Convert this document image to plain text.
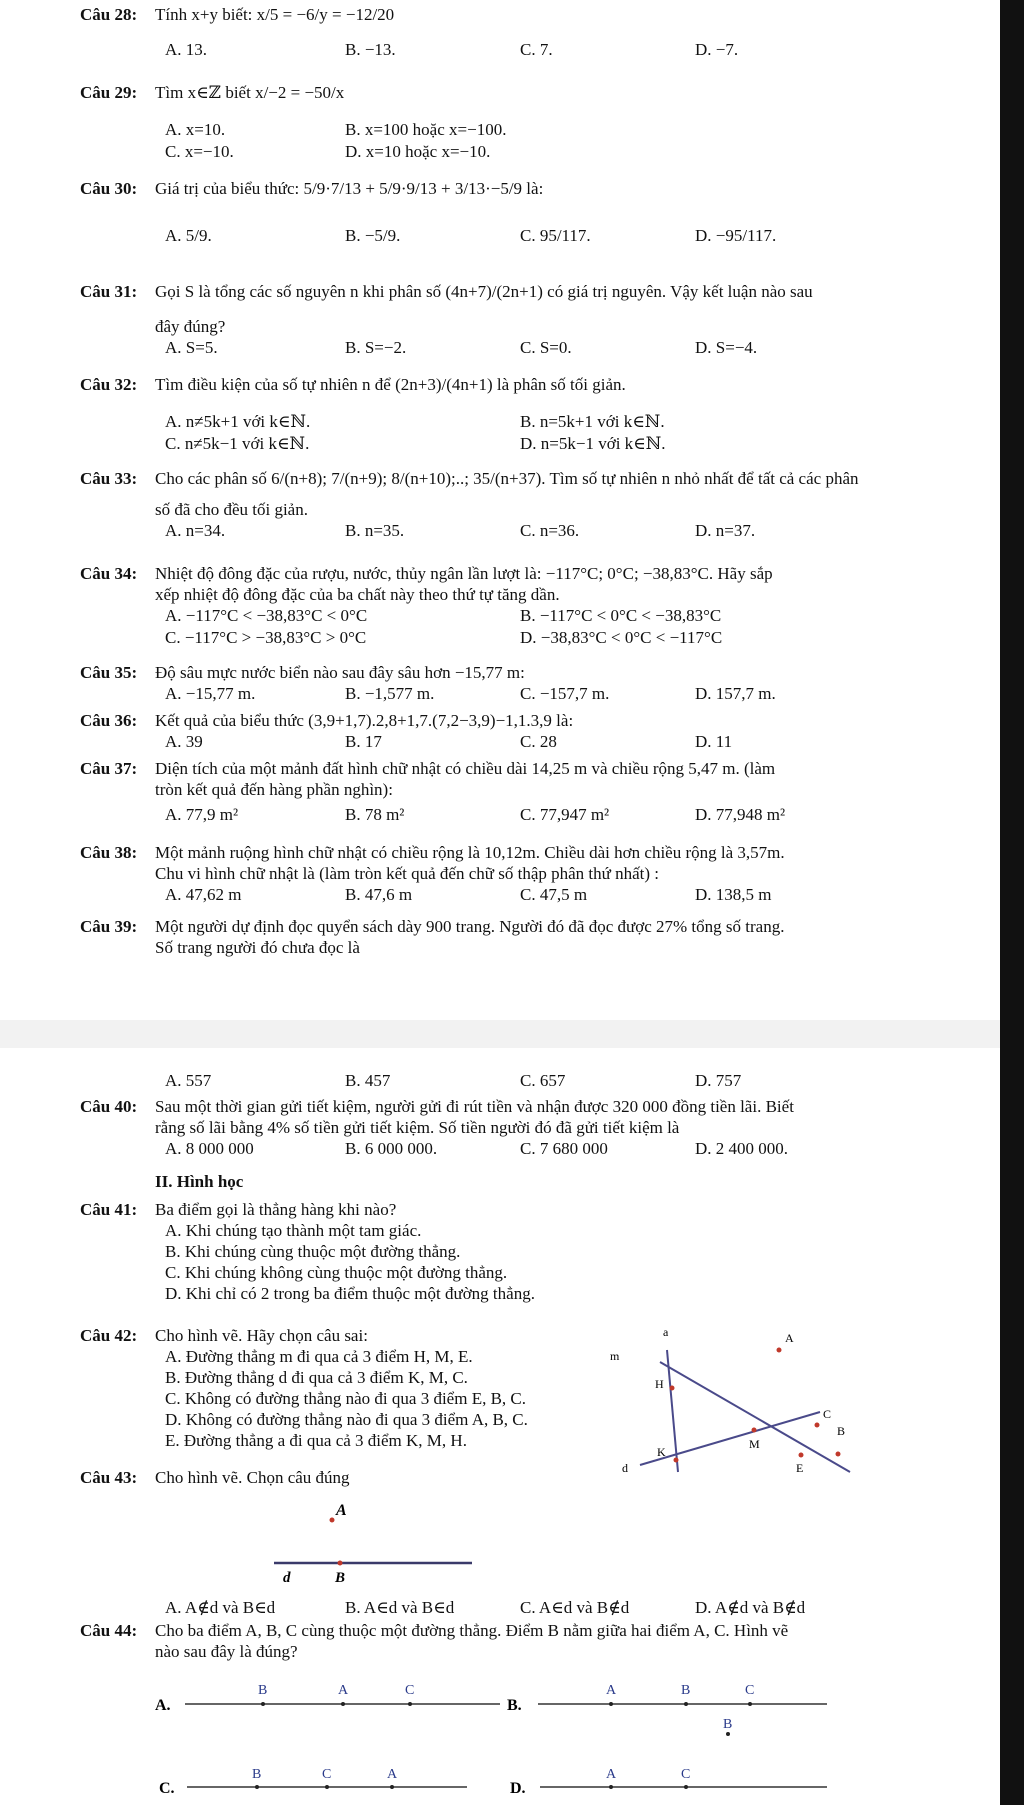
Câu 28: Tính x+y biết: x/5 = −6/y = −12/20
A. 13.	B. −13.	C. 7.	D. −7.
Câu 29: Tìm x∈ℤ biết x/−2 = −50/x
A. x=10.	B. x=100 hoặc x=−100.
C. x=−10.	D. x=10 hoặc x=−10.
Câu 30: Giá trị của biểu thức: 5/9·7/13 + 5/9·9/13 + 3/13·−5/9 là:
A. 5/9.	B. −5/9.	C. 95/117.	D. −95/117.
Câu 31: Gọi S là tổng các số nguyên n khi phân số (4n+7)/(2n+1) có giá trị nguyên. Vậy kết luận nào sau
đây đúng?
A. S=5.	B. S=−2.	C. S=0.	D. S=−4.
Câu 32: Tìm điều kiện của số tự nhiên n để (2n+3)/(4n+1) là phân số tối giản.
A. n≠5k+1 với k∈ℕ.	B. n=5k+1 với k∈ℕ.
C. n≠5k−1 với k∈ℕ.	D. n=5k−1 với k∈ℕ.
Câu 33: Cho các phân số 6/(n+8); 7/(n+9); 8/(n+10);..; 35/(n+37). Tìm số tự nhiên n nhỏ nhất để tất cả các phân
số đã cho đều tối giản.
A. n=34.	B. n=35.	C. n=36.	D. n=37.
Câu 34: Nhiệt độ đông đặc của rượu, nước, thủy ngân lần lượt là: −117°C; 0°C; −38,83°C. Hãy sắp
xếp nhiệt độ đông đặc của ba chất này theo thứ tự tăng dần.
A. −117°C < −38,83°C < 0°C	B. −117°C < 0°C < −38,83°C
C. −117°C > −38,83°C > 0°C	D. −38,83°C < 0°C < −117°C
Câu 35: Độ sâu mực nước biển nào sau đây sâu hơn −15,77 m:
A. −15,77 m.	B. −1,577 m.	C. −157,7 m.	D. 157,7 m.
Câu 36: Kết quả của biểu thức (3,9+1,7).2,8+1,7.(7,2−3,9)−1,1.3,9 là:
A. 39	B. 17	C. 28	D. 11
Câu 37: Diện tích của một mảnh đất hình chữ nhật có chiều dài 14,25 m và chiều rộng 5,47 m. (làm
tròn kết quả đến hàng phần nghìn):
A. 77,9 m²	B. 78 m²	C. 77,947 m²	D. 77,948 m²
Câu 38: Một mảnh ruộng hình chữ nhật có chiều rộng là 10,12m. Chiều dài hơn chiều rộng là 3,57m.
Chu vi hình chữ nhật là (làm tròn kết quả đến chữ số thập phân thứ nhất) :
A. 47,62 m	B. 47,6 m	C. 47,5 m	D. 138,5 m
Câu 39: Một người dự định đọc quyển sách dày 900 trang. Người đó đã đọc được 27% tổng số trang.
Số trang người đó chưa đọc là
A. 557	B. 457	C. 657	D. 757
Câu 40: Sau một thời gian gửi tiết kiệm, người gửi đi rút tiền và nhận được 320 000 đồng tiền lãi. Biết
rằng số lãi bằng 4% số tiền gửi tiết kiệm. Số tiền người đó đã gửi tiết kiệm là
A. 8 000 000	B. 6 000 000.	C. 7 680 000	D. 2 400 000.
II. Hình học
Câu 41: Ba điểm gọi là thẳng hàng khi nào?
A. Khi chúng tạo thành một tam giác.
B. Khi chúng cùng thuộc một đường thẳng.
C. Khi chúng không cùng thuộc một đường thẳng.
D. Khi chỉ có 2 trong ba điểm thuộc một đường thẳng.
Câu 42: Cho hình vẽ. Hãy chọn câu sai:
A. Đường thẳng m đi qua cả 3 điểm H, M, E.
B. Đường thẳng d đi qua cả 3 điểm K, M, C.
C. Không có đường thẳng nào đi qua 3 điểm E, B, C.
D. Không có đường thẳng nào đi qua 3 điểm A, B, C.
E. Đường thẳng a đi qua cả 3 điểm K, M, H.
a	A
m
H
C
B
M
K
E
d
Câu 43: Cho hình vẽ. Chọn câu đúng
A
d	B
A. A∉d và B∈d	B. A∈d và B∈d	C. A∈d và B∉d	D. A∉d và B∉d
Câu 44: Cho ba điểm A, B, C cùng thuộc một đường thẳng. Điểm B nằm giữa hai điểm A, C. Hình vẽ
nào sau đây là đúng?
A.
B	A	C
B.
A	B	C
C.
B	C	A
D.
A	C
B
